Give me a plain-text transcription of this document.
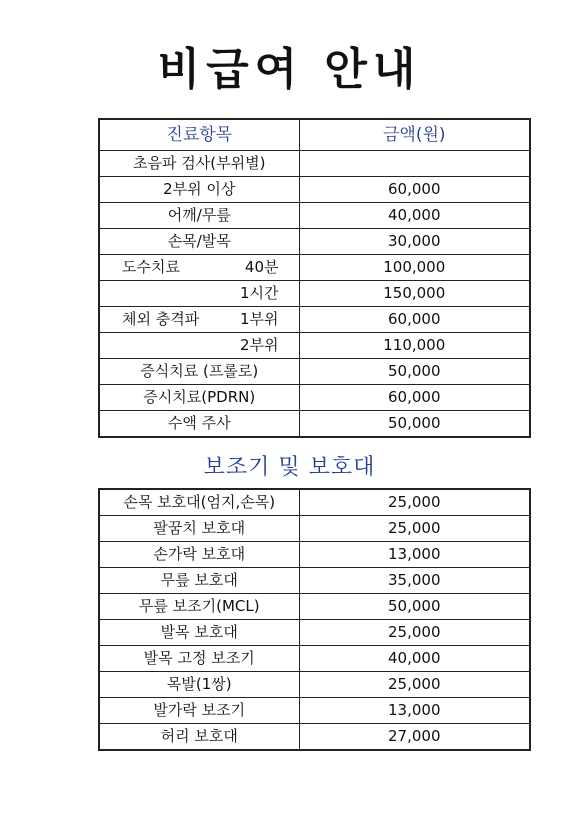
비급여 안내
진료항목	금액(원)
초음파 검사(부위별)	
2부위 이상	60,000
어깨/무릎	40,000
손목/발목	30,000

도수치료 40분	100,000
1시간	150,000

체외 충격파 1부위	60,000
2부위	110,000
증식치료 (프롤로)	50,000
증시치료(PDRN)	60,000
수액 주사	50,000
보조기 및 보호대
손목 보호대(엄지,손목)	25,000
팔꿈치 보호대	25,000
손가락 보호대	13,000
무릎 보호대	35,000
무릎 보조기(MCL)	50,000
발목 보호대	25,000
발목 고정 보조기	40,000
목발(1쌍)	25,000
발가락 보조기	13,000
허리 보호대	27,000
